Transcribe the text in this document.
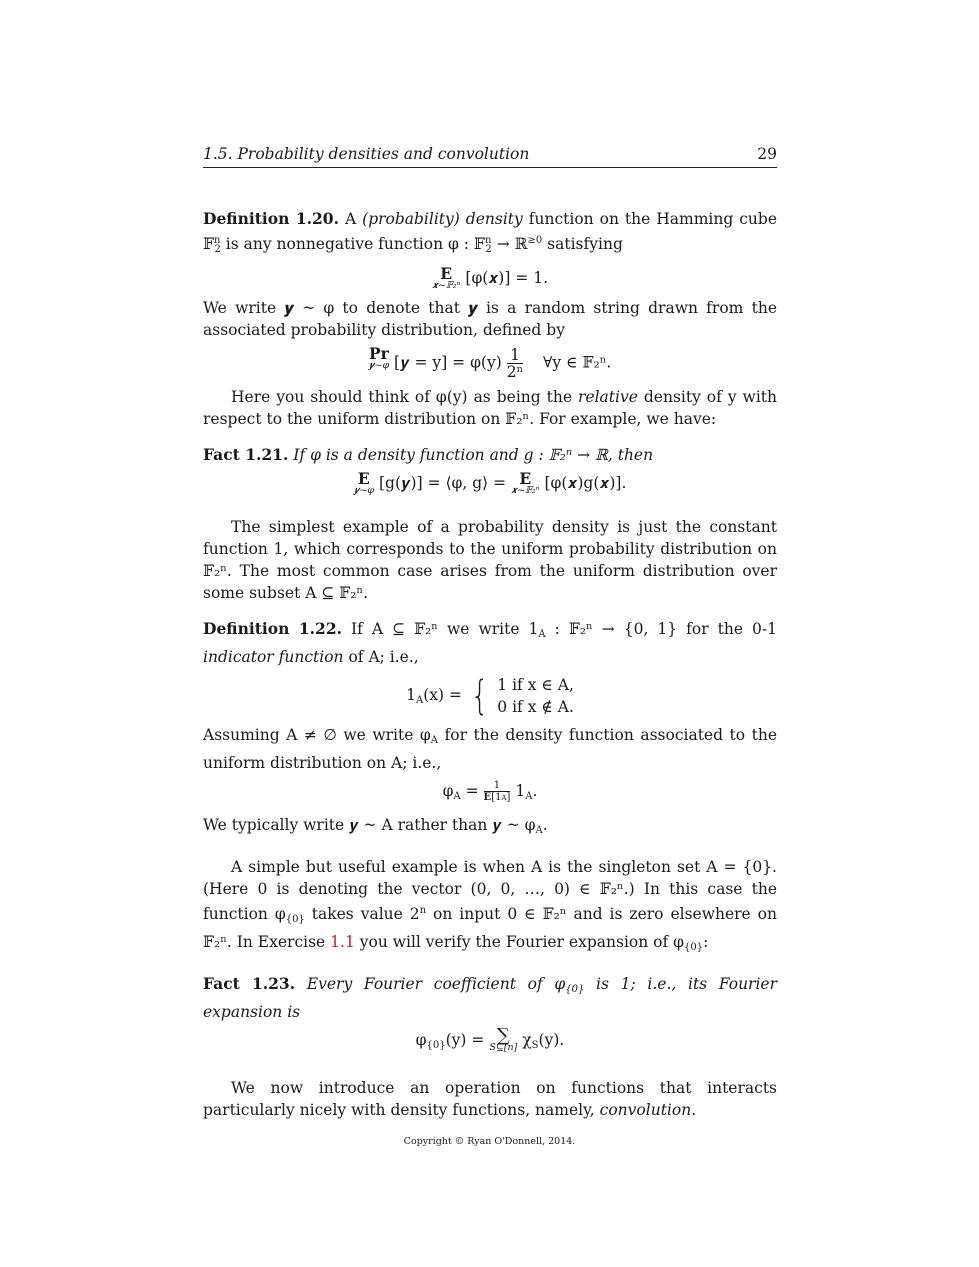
1.5. Probability densities and convolution	29

Definition 1.20. A (probability) density function on the Hamming cube 𝔽$^n_2$ is any nonnegative function φ : 𝔽$^n_2$ → ℝ$^{\ge 0}$ satisfying

E
𝒙~𝔽₂ⁿ [φ(𝒙)] = 1.

We write 𝒚 ~ φ to denote that 𝒚 is a random string drawn from the associated probability distribution, defined by

Pr
𝒚~φ [𝒚 = $y] = \varphi(y) \frac{1}{\text{2ⁿ}}$ ∀y ∈ 𝔽₂ⁿ.

Here you should think of φ(y) as being the relative density of y with respect to the uniform distribution on 𝔽₂ⁿ. For example, we have:

Fact 1.21. If φ is a density function and g : 𝔽₂ⁿ → ℝ, then

E
𝒚~φ [g(𝒚)] = ⟨φ, g⟩ = E
𝒙~𝔽₂ⁿ [φ(𝒙)g(𝒙)].

The simplest example of a probability density is just the constant function 1, which corresponds to the uniform probability distribution on 𝔽₂ⁿ. The most common case arises from the uniform distribution over some subset A ⊆ 𝔽₂ⁿ.

Definition 1.22. If A ⊆ 𝔽₂ⁿ we write $1_A$ : 𝔽₂ⁿ → {0, 1} for the 0-1 indicator function of A; i.e.,

$1_A(x)$ = { 1 if x ∈ A,
0 if x ∉ A.

Assuming A ≠ ∅ we write $\varphi_A$ for the density function associated to the uniform distribution on A; i.e.,

$\varphi_A = \frac{1}{E[1A]} 1_A$.

We typically write 𝒚 ~ A rather than 𝒚 ~ $\varphi_A$.

A simple but useful example is when A is the singleton set A = {0}. (Here 0 is denoting the vector (0, 0, …, 0) ∈ 𝔽₂ⁿ.) In this case the function $\varphi_{\{0\}}$ takes value 2$^n$ on input 0 ∈ 𝔽₂ⁿ and is zero elsewhere on 𝔽₂ⁿ. In Exercise 1.1 you will verify the Fourier expansion of $\varphi_{\{0\}}$:

Fact 1.23. Every Fourier coefficient of $\varphi_{\{0\}}$ is 1; i.e., its Fourier expansion is

$\varphi_{\{0\}}(y)$ = ∑
S⊆[n] $\chi_S(y)$.

We now introduce an operation on functions that interacts particularly nicely with density functions, namely, convolution.

Copyright © Ryan O'Donnell, 2014.
